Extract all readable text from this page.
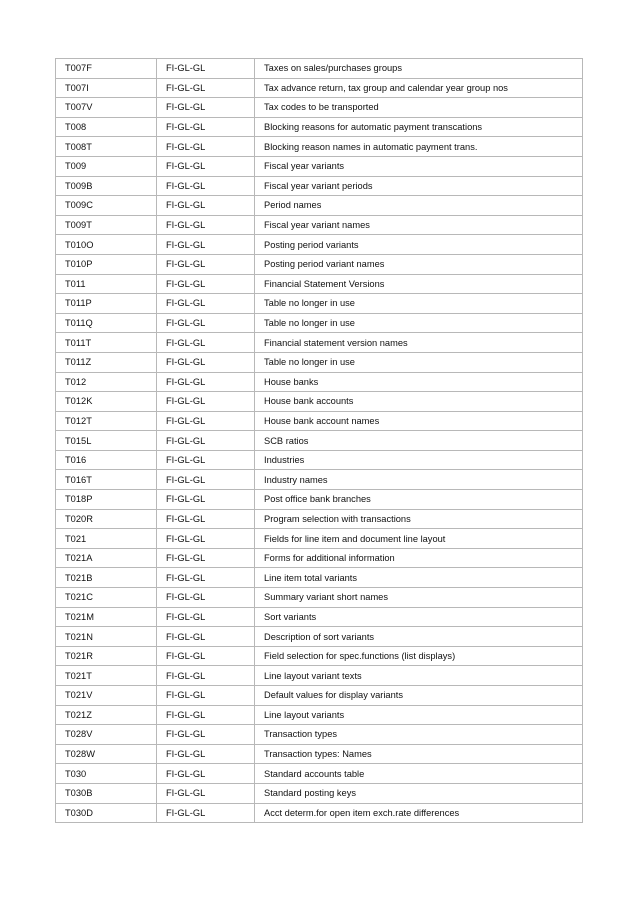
T007F	FI-GL-GL	Taxes on sales/purchases groups
T007I	FI-GL-GL	Tax advance return, tax group and calendar year group nos
T007V	FI-GL-GL	Tax codes to be transported
T008	FI-GL-GL	Blocking reasons for automatic payment transcations
T008T	FI-GL-GL	Blocking reason names in automatic payment trans.
T009	FI-GL-GL	Fiscal year variants
T009B	FI-GL-GL	Fiscal year variant periods
T009C	FI-GL-GL	Period names
T009T	FI-GL-GL	Fiscal year variant names
T010O	FI-GL-GL	Posting period variants
T010P	FI-GL-GL	Posting period variant names
T011	FI-GL-GL	Financial Statement Versions
T011P	FI-GL-GL	Table no longer in use
T011Q	FI-GL-GL	Table no longer in use
T011T	FI-GL-GL	Financial statement version names
T011Z	FI-GL-GL	Table no longer in use
T012	FI-GL-GL	House banks
T012K	FI-GL-GL	House bank accounts
T012T	FI-GL-GL	House bank account names
T015L	FI-GL-GL	SCB ratios
T016	FI-GL-GL	Industries
T016T	FI-GL-GL	Industry names
T018P	FI-GL-GL	Post office bank branches
T020R	FI-GL-GL	Program selection with transactions
T021	FI-GL-GL	Fields for line item and document line layout
T021A	FI-GL-GL	Forms for additional information
T021B	FI-GL-GL	Line item total variants
T021C	FI-GL-GL	Summary variant short names
T021M	FI-GL-GL	Sort variants
T021N	FI-GL-GL	Description of sort variants
T021R	FI-GL-GL	Field selection for spec.functions (list displays)
T021T	FI-GL-GL	Line layout variant texts
T021V	FI-GL-GL	Default values for display variants
T021Z	FI-GL-GL	Line layout variants
T028V	FI-GL-GL	Transaction types
T028W	FI-GL-GL	Transaction types: Names
T030	FI-GL-GL	Standard accounts table
T030B	FI-GL-GL	Standard posting keys
T030D	FI-GL-GL	Acct determ.for open item exch.rate differences
